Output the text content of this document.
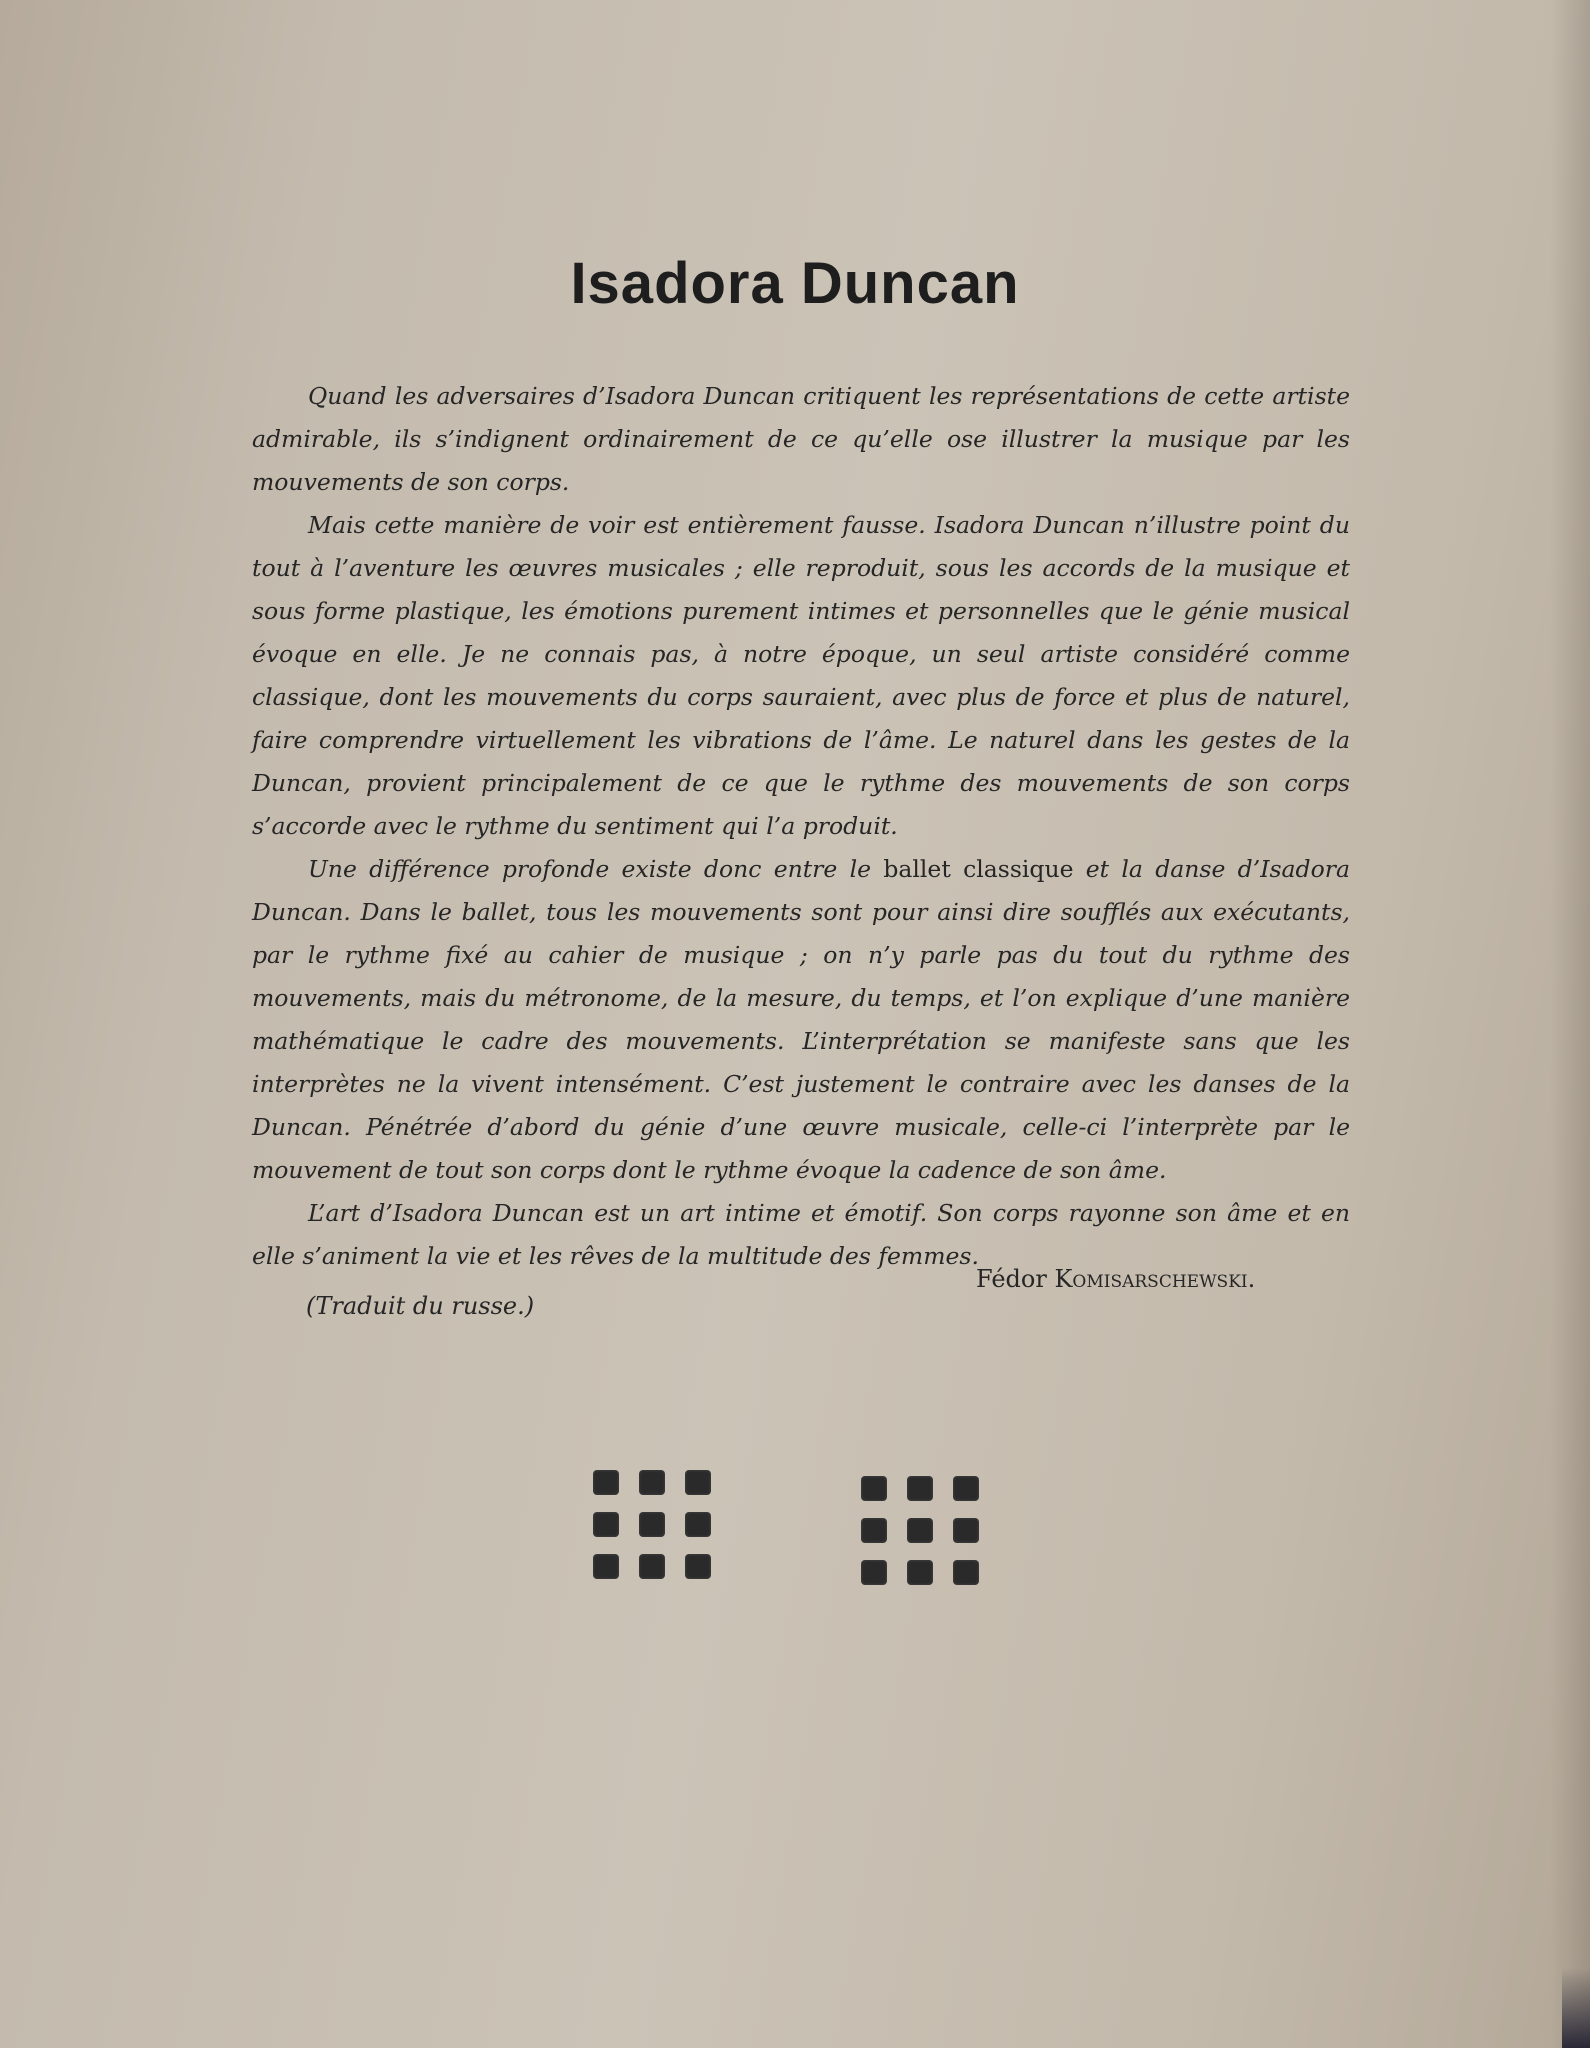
Isadora Duncan

Quand les adversaires d’Isadora Duncan critiquent les représentations de cette artiste admirable, ils s’indignent ordinairement de ce qu’elle ose illustrer la musique par les mouvements de son corps.

Mais cette manière de voir est entièrement fausse. Isadora Duncan n’illustre point du tout à l’aventure les œuvres musicales ; elle reproduit, sous les accords de la musique et sous forme plastique, les émotions purement intimes et personnelles que le génie musical évoque en elle. Je ne connais pas, à notre époque, un seul artiste considéré comme classique, dont les mouvements du corps sauraient, avec plus de force et plus de naturel, faire comprendre virtuellement les vibrations de l’âme. Le naturel dans les gestes de la Duncan, provient principalement de ce que le rythme des mouvements de son corps s’accorde avec le rythme du sentiment qui l’a produit.

Une différence profonde existe donc entre le ballet classique et la danse d’Isadora Duncan. Dans le ballet, tous les mouvements sont pour ainsi dire soufflés aux exécutants, par le rythme fixé au cahier de musique ; on n’y parle pas du tout du rythme des mouvements, mais du métronome, de la mesure, du temps, et l’on explique d’une manière mathématique le cadre des mouvements. L’interprétation se manifeste sans que les interprètes ne la vivent intensément. C’est justement le contraire avec les danses de la Duncan. Pénétrée d’abord du génie d’une œuvre musicale, celle-ci l’interprète par le mouvement de tout son corps dont le rythme évoque la cadence de son âme.

L’art d’Isadora Duncan est un art intime et émotif. Son corps rayonne son âme et en elle s’animent la vie et les rêves de la multitude des femmes.

Fédor Komisarschewski.
(Traduit du russe.)
